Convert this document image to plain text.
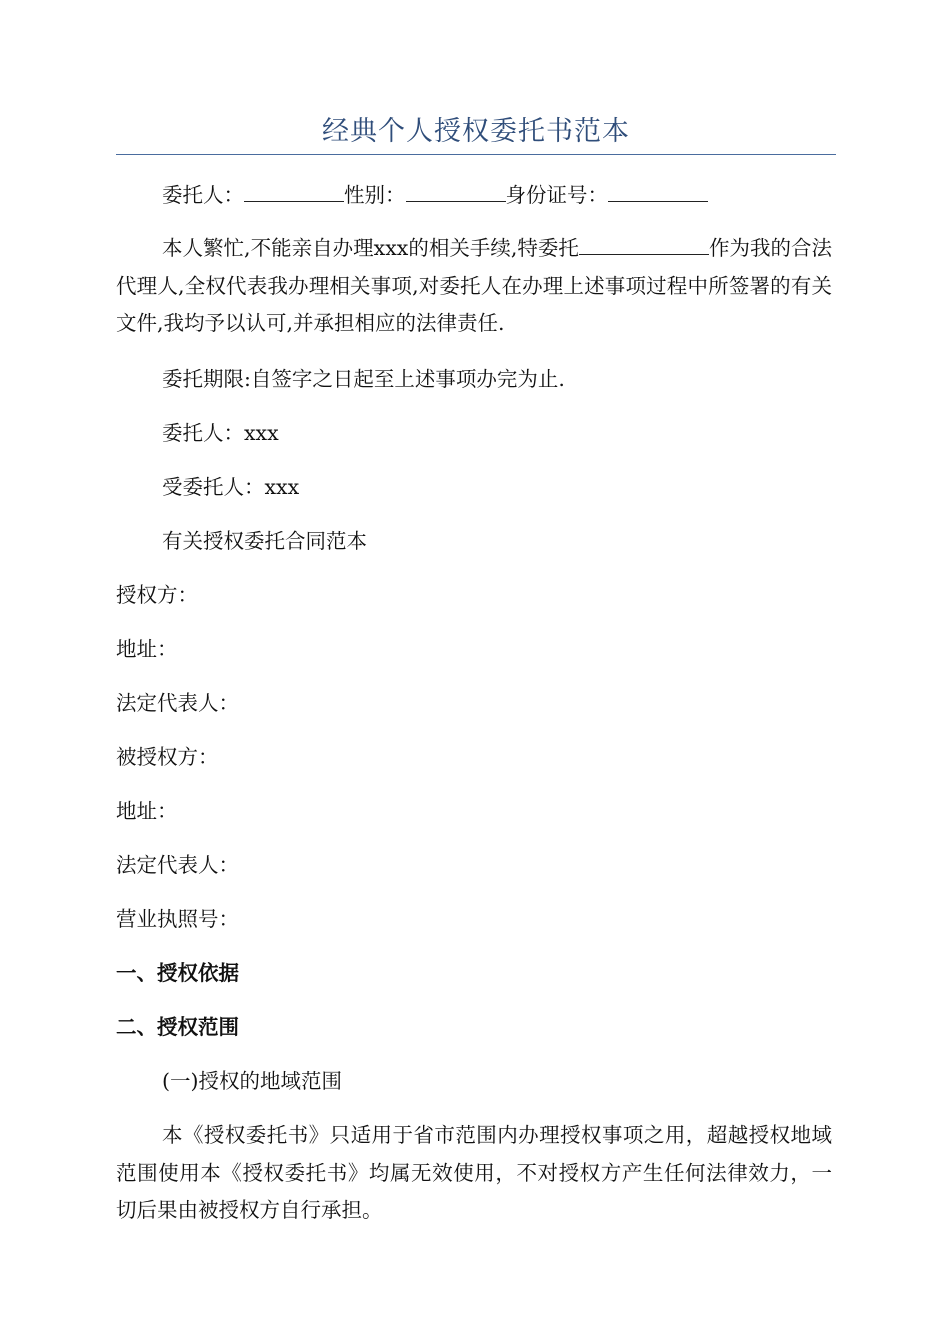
经典个人授权委托书范本
委托人：	性别：	身份证号：
本人繁忙,不能亲自办理xxx的相关手续,特委托	作为我的合法代理人,全权代表我办理相关事项,对委托人在办理上述事项过程中所签署的有关文件,我均予以认可,并承担相应的法律责任.
委托期限:自签字之日起至上述事项办完为止.
委托人：xxx
受委托人：xxx
有关授权委托合同范本
授权方：
地址：
法定代表人：
被授权方：
地址：
法定代表人：
营业执照号：
一、授权依据
二、授权范围
(一)授权的地域范围
本《授权委托书》只适用于省市范围内办理授权事项之用，超越授权地域范围使用本《授权委托书》均属无效使用，不对授权方产生任何法律效力，一切后果由被授权方自行承担。
